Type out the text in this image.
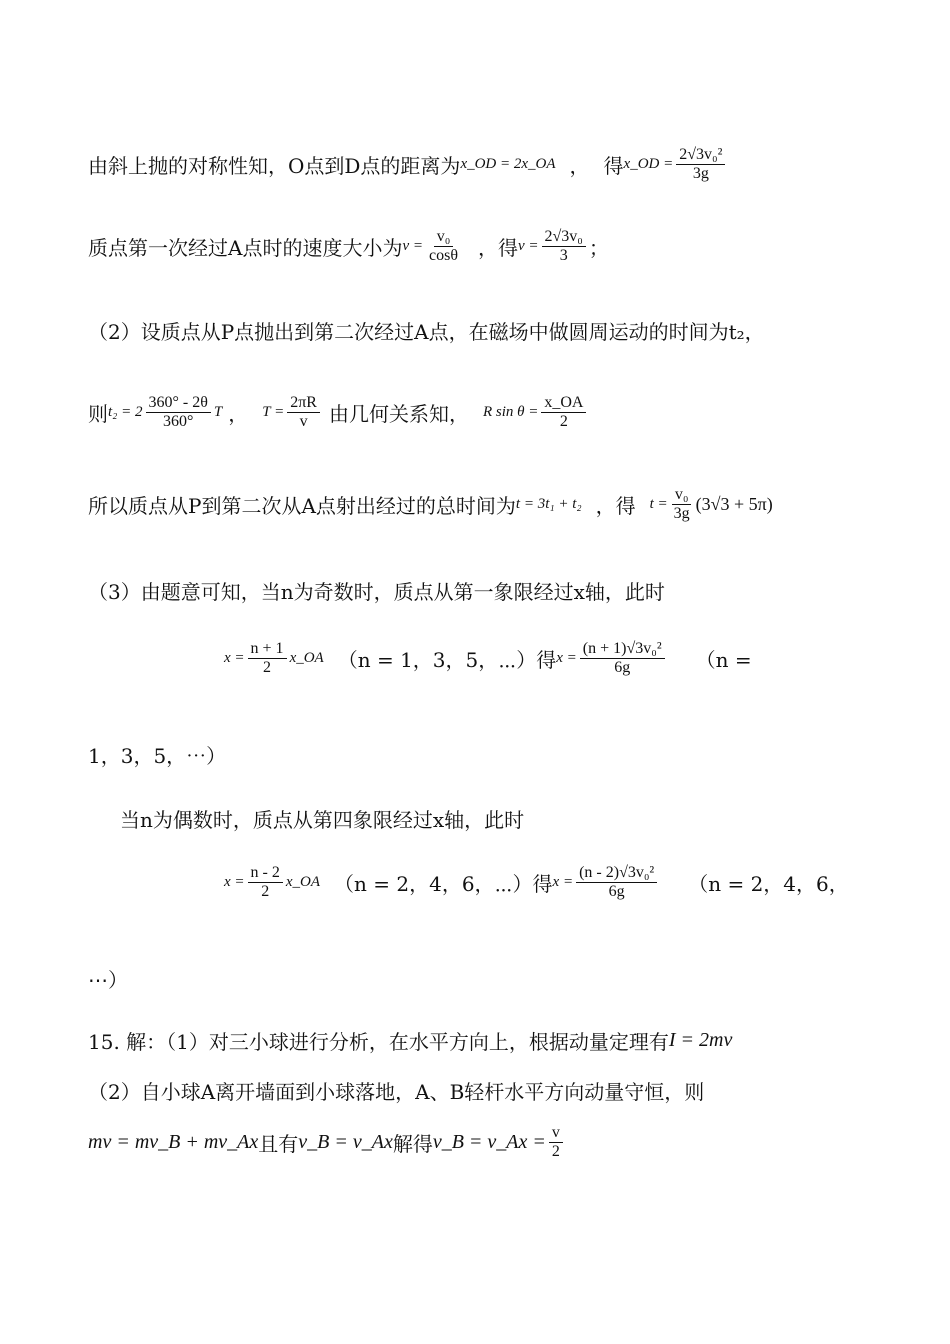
由斜上抛的对称性知，O点到D点的距离为 x_OD = 2x_OA ， 得 x_OD = $\frac{\text{2√3v₀²}}{3g}$
质点第一次经过A点时的速度大小为 $v = \frac{\text{v₀}}{\cos\theta}$ ，得 $v = \frac{\text{2√3v₀}}{3}$ ；
（2）设质点从P点抛出到第二次经过A点，在磁场中做圆周运动的时间为t₂，
则 $t_2 = 2 \frac{360^\circ - 2\theta}{360^\circ}$ T ， $T = \frac{2\pi R}{v}$ 由几何关系知， R $\sin \theta = \frac{x\_OA}{2}$
所以质点从P到第二次从A点射出经过的总时间为 t = 3t₁ + t₂ ，得 $t = \frac{\text{v₀}}{3g} (3√3 + 5\pi)$
（3）由题意可知，当n为奇数时，质点从第一象限经过x轴，此时
$x = \frac{n + 1}{2}$ x_OA （n = 1，3，5，⋯）得 $x = \frac{\text{(n + 1)√3v₀²}}{6g} (n$ =
1，3，5，⋯）
当n为偶数时，质点从第四象限经过x轴，此时
$x = \frac{n - 2}{2}$ x_OA （n = 2，4，6，⋯）得 $x = \frac{\text{(n - 2)√3v₀²}}{6g} (n = 2$，4，6，
⋯）
15. 解：（1）对三小球进行分析，在水平方向上，根据动量定理有 I = 2mv
（2）自小球A离开墙面到小球落地，A、B轻杆水平方向动量守恒，则
mv = mv_B + mv_Ax 且有 v_B = v_Ax 解得 v_B = v_Ax = $\frac{v}{2}$
